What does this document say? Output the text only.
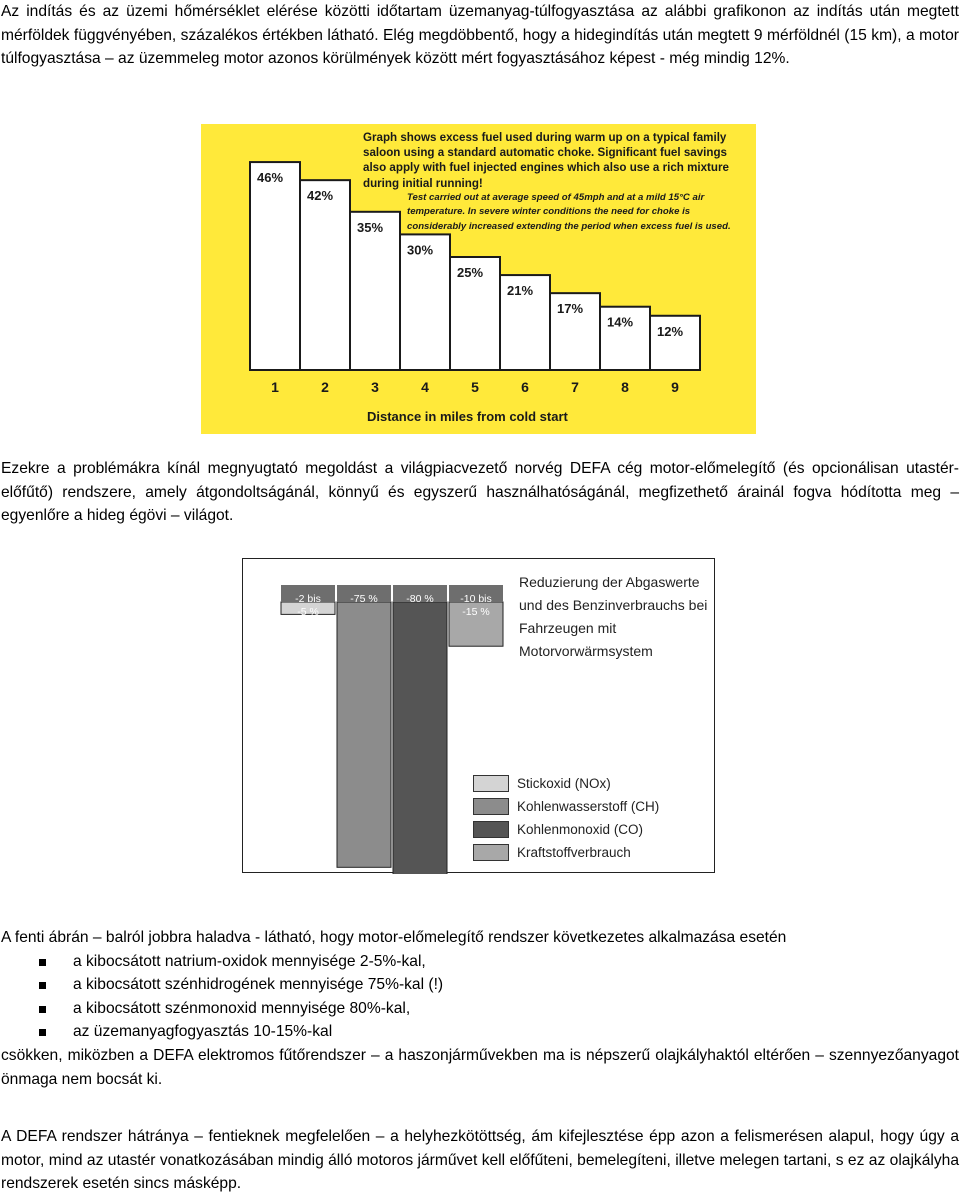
Az indítás és az üzemi hőmérséklet elérése közötti időtartam üzemanyag-túlfogyasztása az alábbi grafikonon az indítás után megtett mérföldek függvényében, százalékos értékben látható. Elég megdöbbentő, hogy a hidegindítás után megtett 9 mérföldnél (15 km), a motor túlfogyasztása – az üzemmeleg motor azonos körülmények között mért fogyasztásához képest - még mindig 12%.
46%
42%
35%
30%
25%
21%
17%
14%
12%
1	2	3	4	5	6	7	8	9
Distance in miles from cold start
Graph shows excess fuel used during warm up on a typical family saloon using a standard automatic choke. Significant fuel savings also apply with fuel injected engines which also use a rich mixture during initial running!
Test carried out at average speed of 45mph and at a mild 15°C air temperature. In severe winter conditions the need for choke is considerably increased extending the period when excess fuel is used.
Ezekre a problémákra kínál megnyugtató megoldást a világpiacvezető norvég DEFA cég motor-előmelegítő (és opcionálisan utastér-előfűtő) rendszere, amely átgondoltságánál, könnyű és egyszerű használhatóságánál, megfizethető árainál fogva hódította meg – egyenlőre a hideg égövi – világot.
-2 bis
-5 %
-75 %	-80 %	-10 bis
-15 %
Reduzierung der Abgaswerte und des Benzinverbrauchs bei Fahrzeugen mit Motorvorwärmsystem
Stickoxid (NOx)
Kohlenwasserstoff (CH)
Kohlenmonoxid (CO)
Kraftstoffverbrauch
A fenti ábrán – balról jobbra haladva - látható, hogy motor-előmelegítő rendszer következetes alkalmazása esetén
a kibocsátott natrium-oxidok mennyisége 2-5%-kal,
a kibocsátott szénhidrogének mennyisége 75%-kal (!)
a kibocsátott szénmonoxid mennyisége 80%-kal,
az üzemanyagfogyasztás 10-15%-kal
csökken, miközben a DEFA elektromos fűtőrendszer – a haszonjárművekben ma is népszerű olajkályhaktól eltérően – szennyezőanyagot önmaga nem bocsát ki.
A DEFA rendszer hátránya – fentieknek megfelelően – a helyhezkötöttség, ám kifejlesztése épp azon a felismerésen alapul, hogy úgy a motor, mind az utastér vonatkozásában mindig álló motoros járművet kell előfűteni, bemelegíteni, illetve melegen tartani, s ez az olajkályha rendszerek esetén sincs másképp.
